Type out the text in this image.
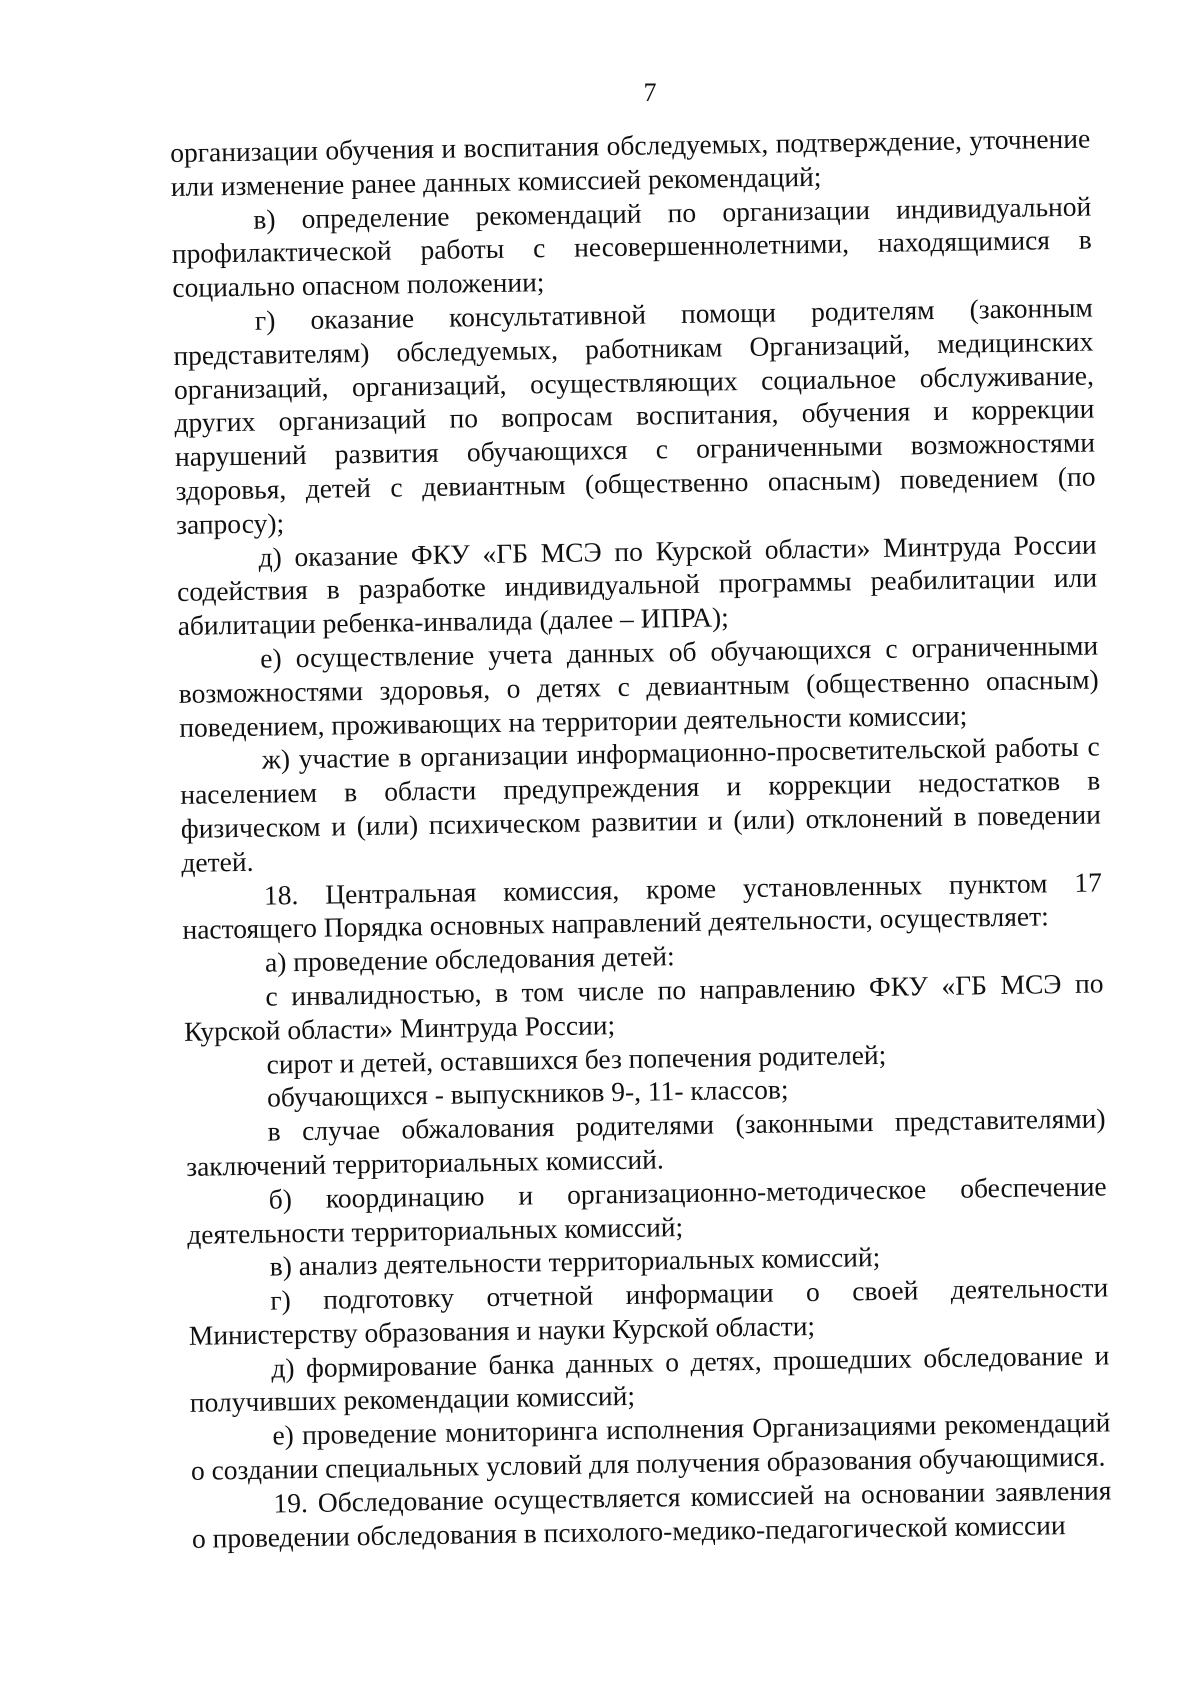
7

организации обучения и воспитания обследуемых, подтверждение, уточнение или изменение ранее данных комиссией рекомендаций;

в) определение рекомендаций по организации индивидуальной профилактической работы с несовершеннолетними, находящимися в социально опасном положении;

г) оказание консультативной помощи родителям (законным представителям) обследуемых, работникам Организаций, медицинских организаций, организаций, осуществляющих социальное обслуживание, других организаций по вопросам воспитания, обучения и коррекции нарушений развития обучающихся с ограниченными возможностями здоровья, детей с девиантным (общественно опасным) поведением (по запросу);

д) оказание ФКУ «ГБ МСЭ по Курской области» Минтруда России содействия в разработке индивидуальной программы реабилитации или абилитации ребенка-инвалида (далее – ИПРА);

е) осуществление учета данных об обучающихся с ограниченными возможностями здоровья, о детях с девиантным (общественно опасным) поведением, проживающих на территории деятельности комиссии;

ж) участие в организации информационно-просветительской работы с населением в области предупреждения и коррекции недостатков в физическом и (или) психическом развитии и (или) отклонений в поведении детей.

18. Центральная комиссия, кроме установленных пунктом 17 настоящего Порядка основных направлений деятельности, осуществляет:

а) проведение обследования детей:

с инвалидностью, в том числе по направлению ФКУ «ГБ МСЭ по Курской области» Минтруда России;

сирот и детей, оставшихся без попечения родителей;

обучающихся - выпускников 9-, 11- классов;

в случае обжалования родителями (законными представителями) заключений территориальных комиссий.

б) координацию и организационно-методическое обеспечение деятельности территориальных комиссий;

в) анализ деятельности территориальных комиссий;

г) подготовку отчетной информации о своей деятельности Министерству образования и науки Курской области;

д) формирование банка данных о детях, прошедших обследование и получивших рекомендации комиссий;

е) проведение мониторинга исполнения Организациями рекомендаций о создании специальных условий для получения образования обучающимися.

19. Обследование осуществляется комиссией на основании заявления о проведении обследования в психолого-медико-педагогической комиссии
